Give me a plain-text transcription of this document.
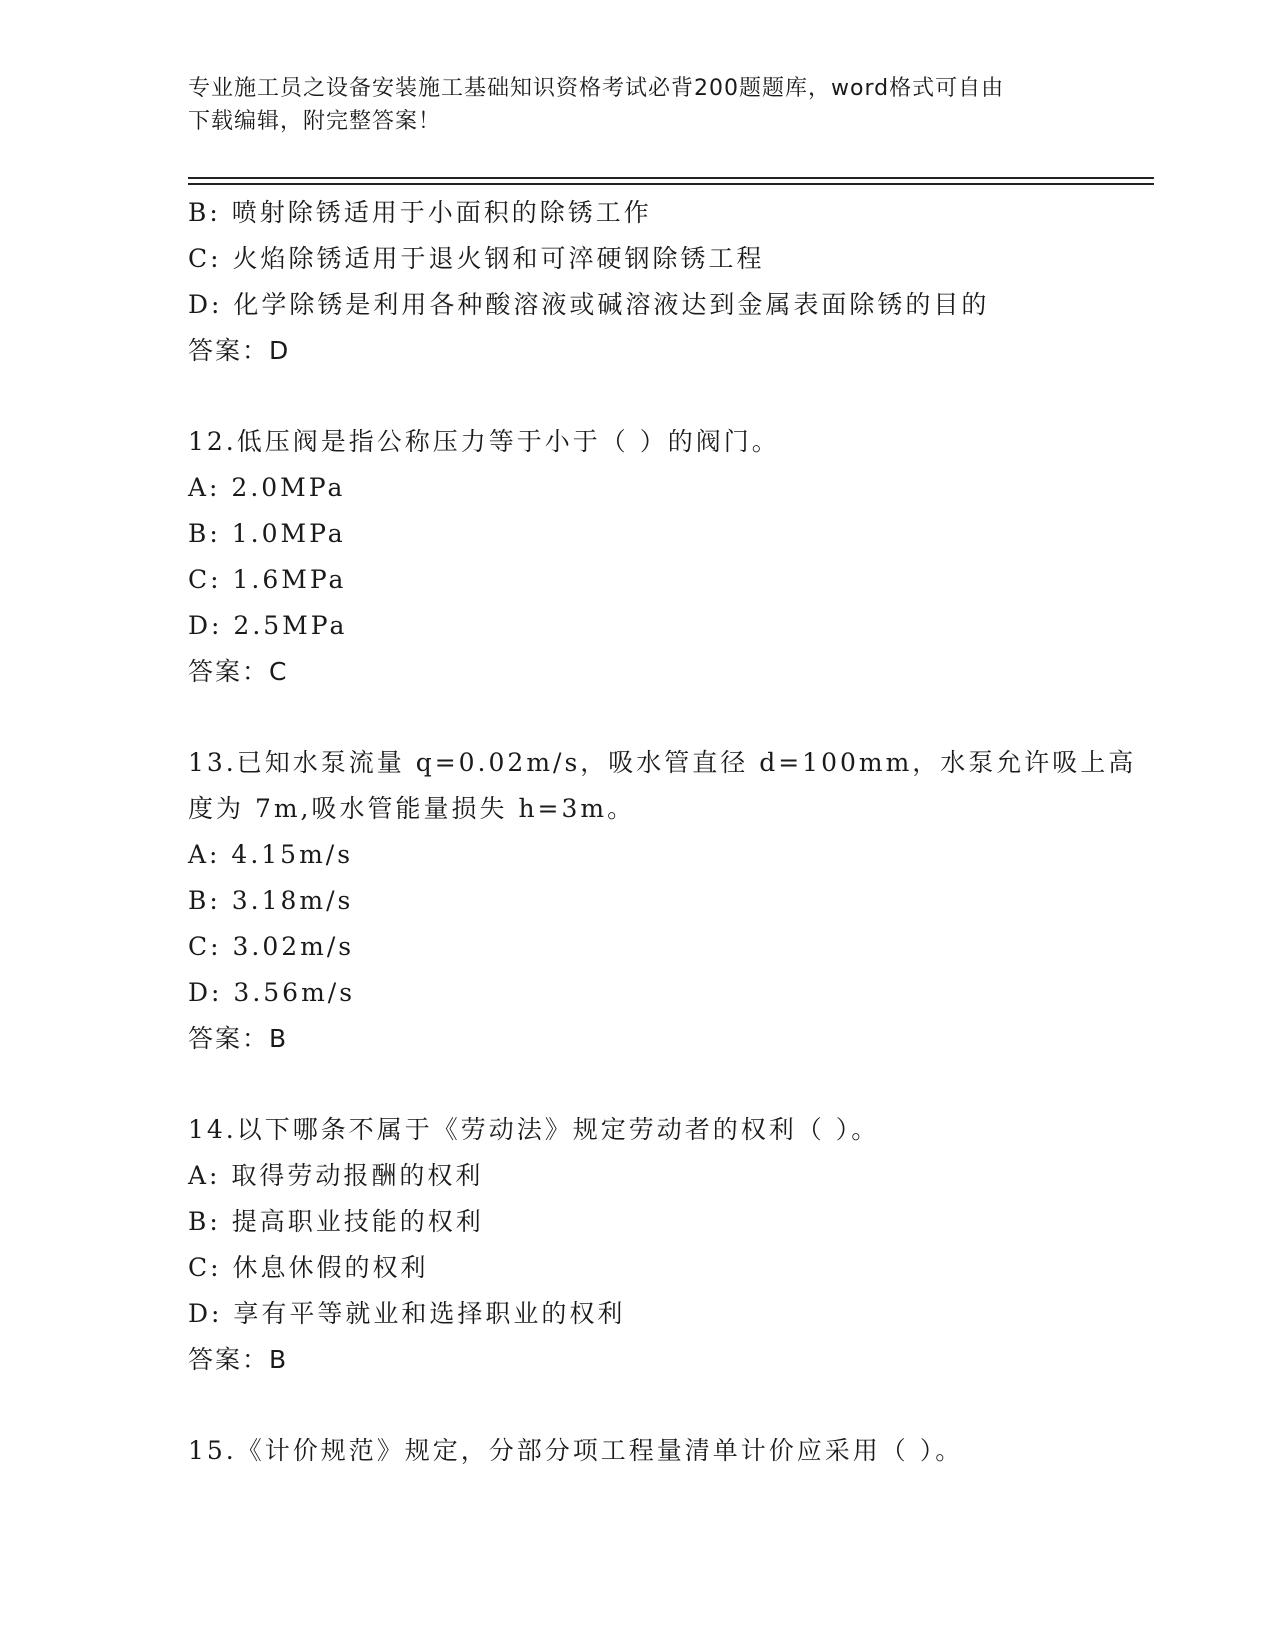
专业施工员之设备安装施工基础知识资格考试必背200题题库，word格式可自由
下载编辑，附完整答案！
B: 喷射除锈适用于小面积的除锈工作
C: 火焰除锈适用于退火钢和可淬硬钢除锈工程
D: 化学除锈是利用各种酸溶液或碱溶液达到金属表面除锈的目的
答案：D
12.低压阀是指公称压力等于小于（ ）的阀门。
A: 2.0MPa
B: 1.0MPa
C: 1.6MPa
D: 2.5MPa
答案：C
13.已知水泵流量 q=0.02m/s，吸水管直径 d=100mm，水泵允许吸上高
度为 7m,吸水管能量损失 h=3m。
A: 4.15m/s
B: 3.18m/s
C: 3.02m/s
D: 3.56m/s
答案：B
14.以下哪条不属于《劳动法》规定劳动者的权利（ ）。
A: 取得劳动报酬的权利
B: 提高职业技能的权利
C: 休息休假的权利
D: 享有平等就业和选择职业的权利
答案：B
15.《计价规范》规定，分部分项工程量清单计价应采用（ ）。
